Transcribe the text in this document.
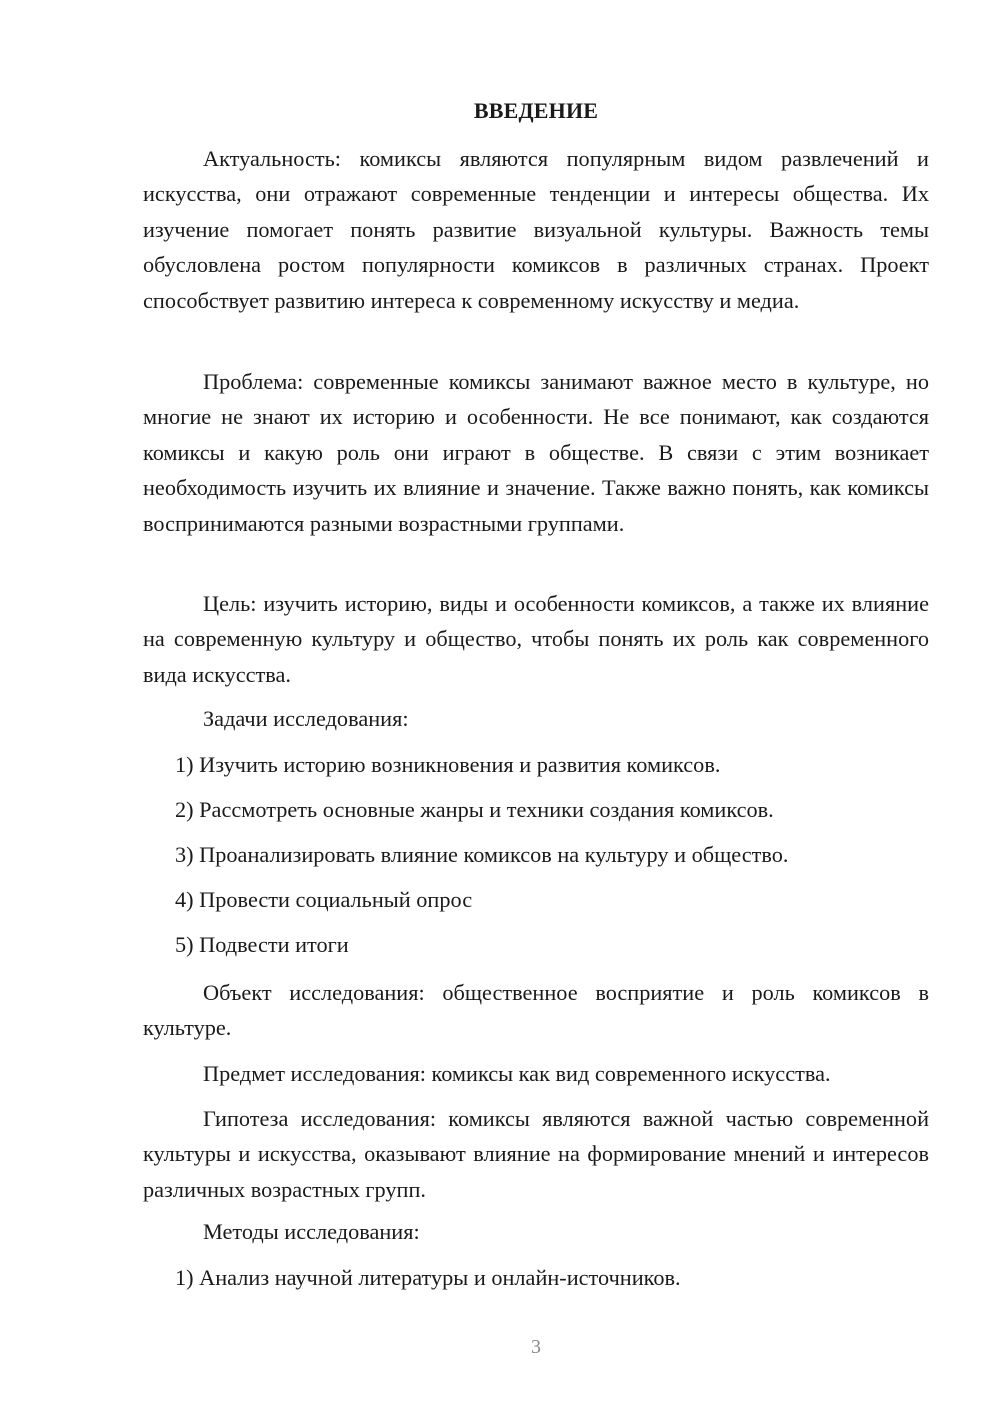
ВВЕДЕНИЕ

Актуальность: комиксы являются популярным видом развлечений и искусства, они отражают современные тенденции и интересы общества. Их изучение помогает понять развитие визуальной культуры. Важность темы обусловлена ростом популярности комиксов в различных странах. Проект способствует развитию интереса к современному искусству и медиа.

Проблема: современные комиксы занимают важное место в культуре, но многие не знают их историю и особенности. Не все понимают, как создаются комиксы и какую роль они играют в обществе. В связи с этим возникает необходимость изучить их влияние и значение. Также важно понять, как комиксы воспринимаются разными возрастными группами.

Цель: изучить историю, виды и особенности комиксов, а также их влияние на современную культуру и общество, чтобы понять их роль как современного вида искусства.

Задачи исследования:
1) Изучить историю возникновения и развития комиксов.
2) Рассмотреть основные жанры и техники создания комиксов.
3) Проанализировать влияние комиксов на культуру и общество.
4) Провести социальный опрос
5) Подвести итоги

Объект исследования: общественное восприятие и роль комиксов в культуре.

Предмет исследования: комиксы как вид современного искусства.

Гипотеза исследования: комиксы являются важной частью современной культуры и искусства, оказывают влияние на формирование мнений и интересов различных возрастных групп.

Методы исследования:
1) Анализ научной литературы и онлайн-источников.
3
